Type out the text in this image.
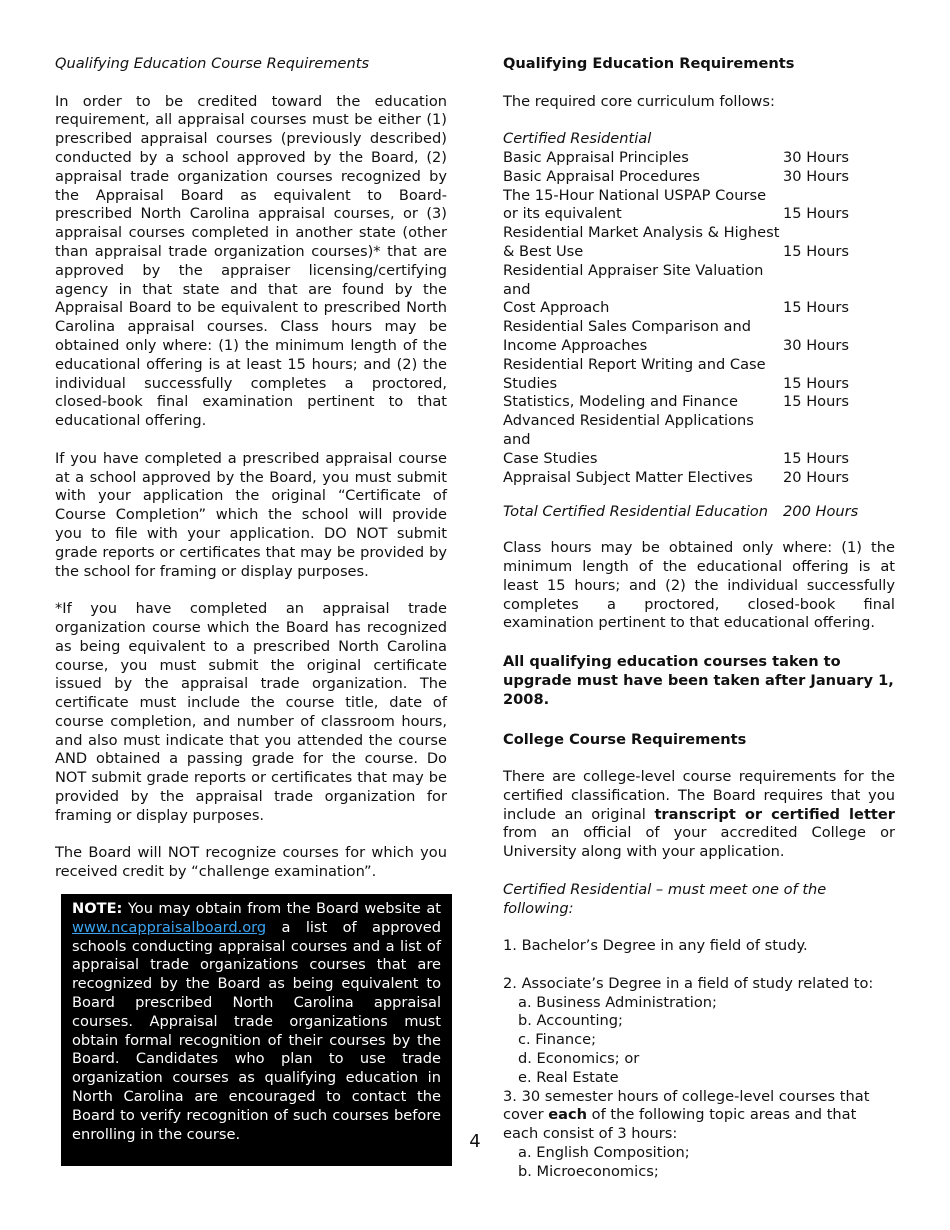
Qualifying Education Course Requirements

In order to be credited toward the education requirement, all appraisal courses must be either (1) prescribed appraisal courses (previously described) conducted by a school approved by the Board, (2) appraisal trade organization courses recognized by the Appraisal Board as equivalent to Board-prescribed North Carolina appraisal courses, or (3) appraisal courses completed in another state (other than appraisal trade organization courses)* that are approved by the appraiser licensing/certifying agency in that state and that are found by the Appraisal Board to be equivalent to prescribed North Carolina appraisal courses. Class hours may be obtained only where: (1) the minimum length of the educational offering is at least 15 hours; and (2) the individual successfully completes a proctored, closed-book final examination pertinent to that educational offering.

If you have completed a prescribed appraisal course at a school approved by the Board, you must submit with your application the original “Certificate of Course Completion” which the school will provide you to file with your application. DO NOT submit grade reports or certificates that may be provided by the school for framing or display purposes.

*If you have completed an appraisal trade organization course which the Board has recognized as being equivalent to a prescribed North Carolina course, you must submit the original certificate issued by the appraisal trade organization. The certificate must include the course title, date of course completion, and number of classroom hours, and also must indicate that you attended the course AND obtained a passing grade for the course. Do NOT submit grade reports or certificates that may be provided by the appraisal trade organization for framing or display purposes.

The Board will NOT recognize courses for which you received credit by “challenge examination”.

NOTE: You may obtain from the Board website at www.ncappraisalboard.org a list of approved schools conducting appraisal courses and a list of appraisal trade organizations courses that are recognized by the Board as being equivalent to Board prescribed North Carolina appraisal courses. Appraisal trade organizations must obtain formal recognition of their courses by the Board. Candidates who plan to use trade organization courses as qualifying education in North Carolina are encouraged to contact the Board to verify recognition of such courses before enrolling in the course.

Qualifying Education Requirements

The required core curriculum follows:

Certified Residential

Basic Appraisal Principles	30 Hours
Basic Appraisal Procedures	30 Hours
The 15-Hour National USPAP Course	
or its equivalent	15 Hours
Residential Market Analysis & Highest	
& Best Use	15 Hours
Residential Appraiser Site Valuation and	
Cost Approach	15 Hours
Residential Sales Comparison and	
Income Approaches	30 Hours
Residential Report Writing and Case	
Studies	15 Hours
Statistics, Modeling and Finance	15 Hours
Advanced Residential Applications and	
Case Studies	15 Hours
Appraisal Subject Matter Electives	20 Hours
Total Certified Residential Education	200 Hours

Class hours may be obtained only where: (1) the minimum length of the educational offering is at least 15 hours; and (2) the individual successfully completes a proctored, closed-book final examination pertinent to that educational offering.

All qualifying education courses taken to upgrade must have been taken after January 1, 2008.

College Course Requirements

There are college-level course requirements for the certified classification. The Board requires that you include an original transcript or certified letter from an official of your accredited College or University along with your application.

Certified Residential – must meet one of the following:

1. Bachelor’s Degree in any field of study.

2. Associate’s Degree in a field of study related to:

a. Business Administration;

b. Accounting;

c. Finance;

d. Economics; or

e. Real Estate

3. 30 semester hours of college-level courses that cover each of the following topic areas and that each consist of 3 hours:

a. English Composition;

b. Microeconomics;

4
